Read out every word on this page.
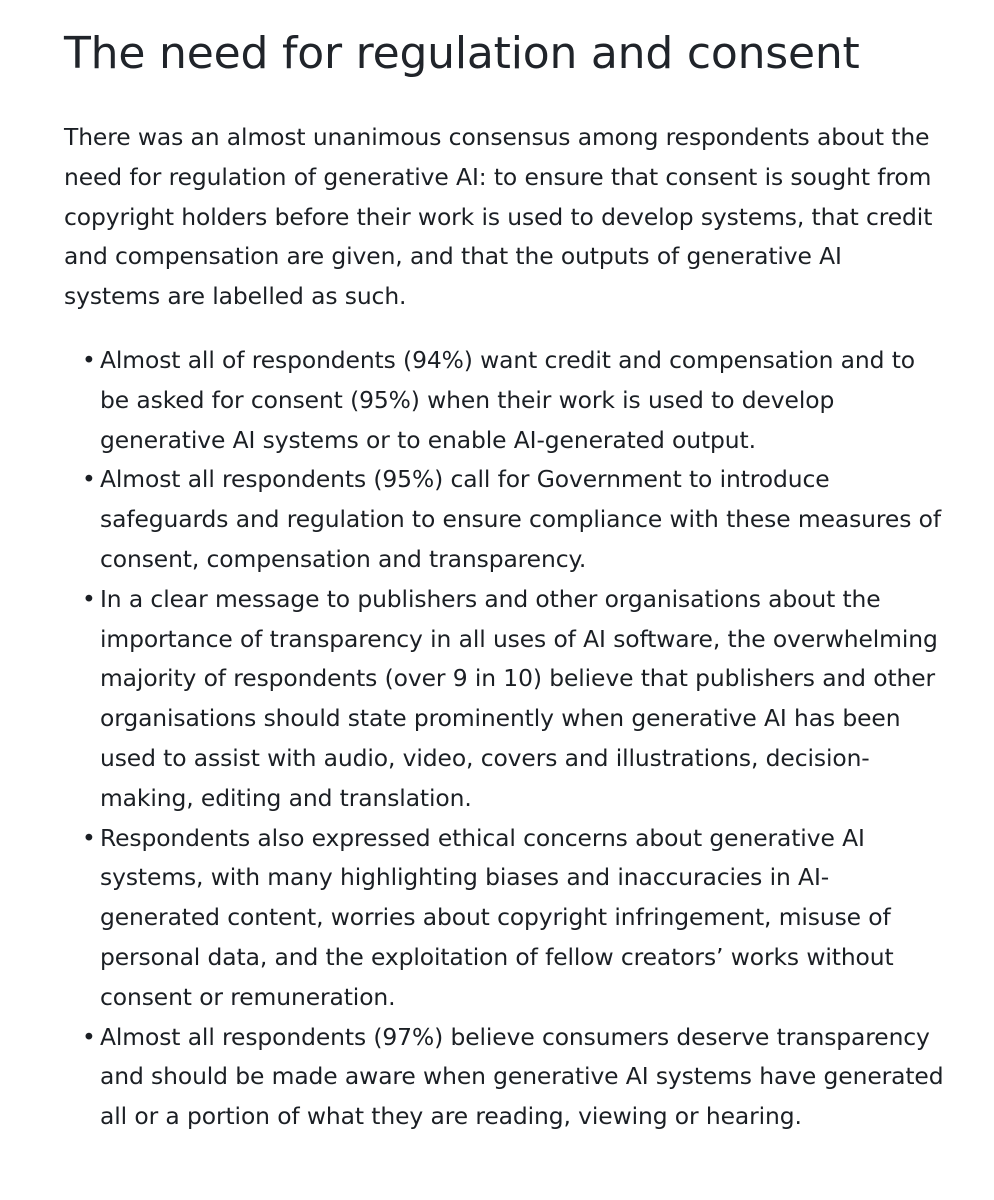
The need for regulation and consent

There was an almost unanimous consensus among respondents about the need for regulation of generative AI: to ensure that consent is sought from copyright holders before their work is used to develop systems, that credit and compensation are given, and that the outputs of generative AI systems are labelled as such.

• Almost all of respondents (94%) want credit and compensation and to be asked for consent (95%) when their work is used to develop generative AI systems or to enable AI-generated output.
• Almost all respondents (95%) call for Government to introduce safeguards and regulation to ensure compliance with these measures of consent, compensation and transparency.
• In a clear message to publishers and other organisations about the importance of transparency in all uses of AI software, the overwhelming majority of respondents (over 9 in 10) believe that publishers and other organisations should state prominently when generative AI has been used to assist with audio, video, covers and illustrations, decision-making, editing and translation.
• Respondents also expressed ethical concerns about generative AI systems, with many highlighting biases and inaccuracies in AI-generated content, worries about copyright infringement, misuse of personal data, and the exploitation of fellow creators’ works without consent or remuneration.
• Almost all respondents (97%) believe consumers deserve transparency and should be made aware when generative AI systems have generated all or a portion of what they are reading, viewing or hearing.
